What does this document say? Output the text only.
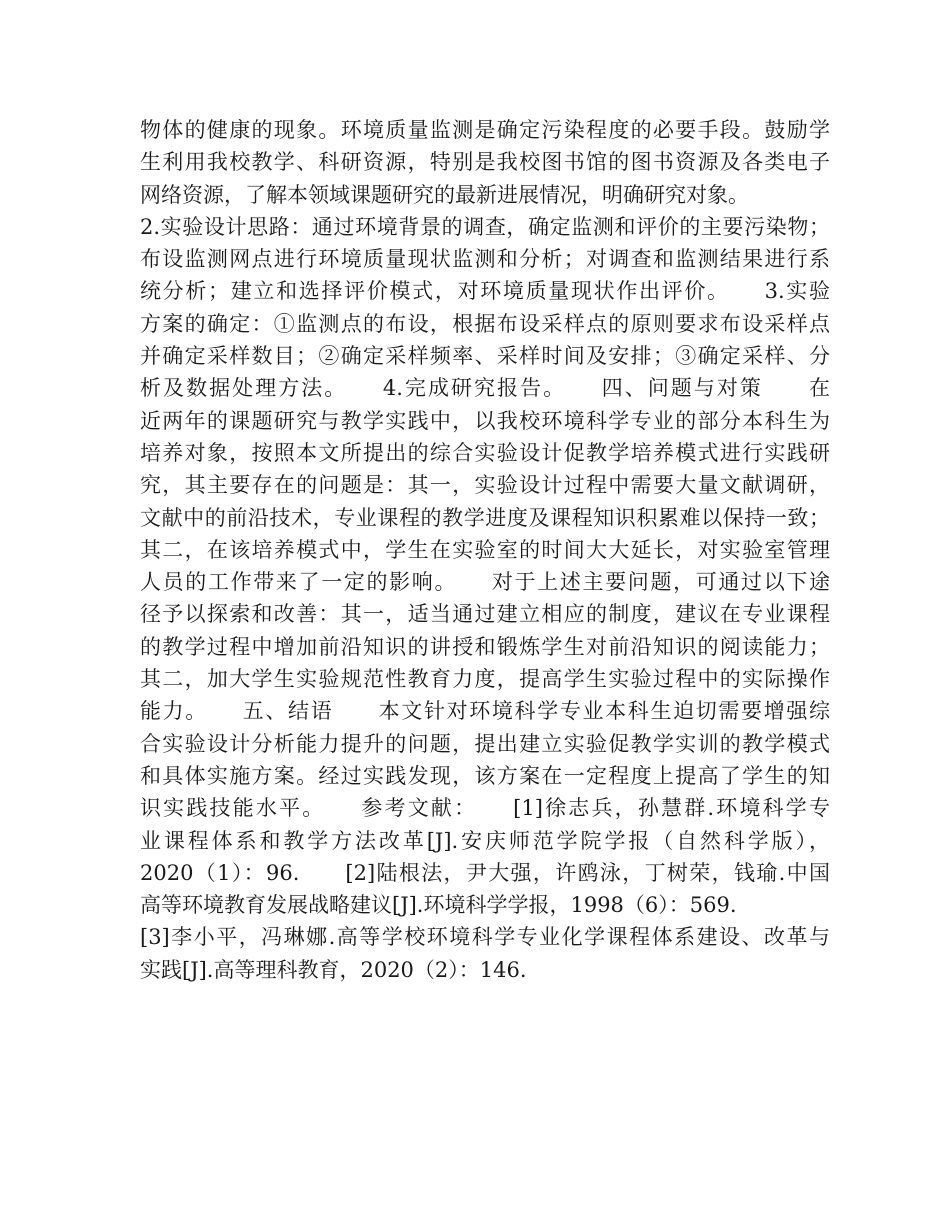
物体的健康的现象。环境质量监测是确定污染程度的必要手段。鼓励学
生利用我校教学、科研资源，特别是我校图书馆的图书资源及各类电子
网络资源，了解本领域课题研究的最新进展情况，明确研究对象。
2.实验设计思路：通过环境背景的调查，确定监测和评价的主要污染物；
布设监测网点进行环境质量现状监测和分析；对调查和监测结果进行系
统分析；建立和选择评价模式，对环境质量现状作出评价。　　3.实验
方案的确定：①监测点的布设，根据布设采样点的原则要求布设采样点
并确定采样数目；②确定采样频率、采样时间及安排；③确定采样、分
析及数据处理方法。　　4.完成研究报告。　　四、问题与对策　　在
近两年的课题研究与教学实践中，以我校环境科学专业的部分本科生为
培养对象，按照本文所提出的综合实验设计促教学培养模式进行实践研
究，其主要存在的问题是：其一，实验设计过程中需要大量文献调研，
文献中的前沿技术，专业课程的教学进度及课程知识积累难以保持一致；
其二，在该培养模式中，学生在实验室的时间大大延长，对实验室管理
人员的工作带来了一定的影响。　　对于上述主要问题，可通过以下途
径予以探索和改善：其一，适当通过建立相应的制度，建议在专业课程
的教学过程中增加前沿知识的讲授和锻炼学生对前沿知识的阅读能力；
其二，加大学生实验规范性教育力度，提高学生实验过程中的实际操作
能力。　　五、结语　　本文针对环境科学专业本科生迫切需要增强综
合实验设计分析能力提升的问题，提出建立实验促教学实训的教学模式
和具体实施方案。经过实践发现，该方案在一定程度上提高了学生的知
识实践技能水平。　　参考文献：　　[1]徐志兵，孙慧群.环境科学专
业课程体系和教学方法改革[J].安庆师范学院学报（自然科学版），
2020（1）：96.　　[2]陆根法，尹大强，许鸥泳，丁树荣，钱瑜.中国
高等环境教育发展战略建议[J].环境科学学报，1998（6）：569.
[3]李小平，冯琳娜.高等学校环境科学专业化学课程体系建设、改革与
实践[J].高等理科教育，2020（2）：146.
